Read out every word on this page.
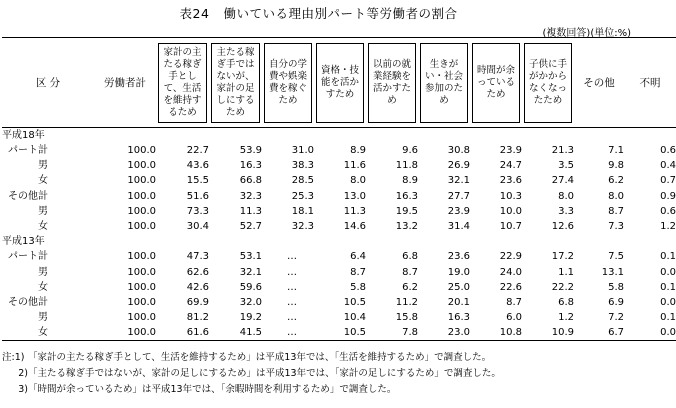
表24 働いている理由別パート等労働者の割合
(複数回答)(単位:%)
区 分	労働者計	家計の主たる稼ぎ手として、生活を維持するため	主たる稼ぎ手ではないが、家計の足しにするため	自分の学費や娯楽費を稼ぐため	資格・技能を活かすため	以前の就業経験を活かすため	生きがい・社会参加のため	時間が余っているため	子供に手がかからなくなったため	その他	不明
平成18年											
パート計	100.0	22.7	53.9	31.0	8.9	9.6	30.8	23.9	21.3	7.1	0.6
男	100.0	43.6	16.3	38.3	11.6	11.8	26.9	24.7	3.5	9.8	0.4
女	100.0	15.5	66.8	28.5	8.0	8.9	32.1	23.6	27.4	6.2	0.7
その他計	100.0	51.6	32.3	25.3	13.0	16.3	27.7	10.3	8.0	8.0	0.9
男	100.0	73.3	11.3	18.1	11.3	19.5	23.9	10.0	3.3	8.7	0.6
女	100.0	30.4	52.7	32.3	14.6	13.2	31.4	10.7	12.6	7.3	1.2
平成13年											
パート計	100.0	47.3	53.1	…	6.4	6.8	23.6	22.9	17.2	7.5	0.1
男	100.0	62.6	32.1	…	8.7	8.7	19.0	24.0	1.1	13.1	0.0
女	100.0	42.6	59.6	…	5.8	6.2	25.0	22.6	22.2	5.8	0.1
その他計	100.0	69.9	32.0	…	10.5	11.2	20.1	8.7	6.8	6.9	0.0
男	100.0	81.2	19.2	…	10.4	15.8	16.3	6.0	1.2	7.2	0.1
女	100.0	61.6	41.5	…	10.5	7.8	23.0	10.8	10.9	6.7	0.0
注:1) 「家計の主たる稼ぎ手として、生活を維持するため」は平成13年では、「生活を維持するため」で調査した。
2)「主たる稼ぎ手ではないが、家計の足しにするため」は平成13年では、「家計の足しにするため」で調査した。
3)「時間が余っているため」は平成13年では、「余暇時間を利用するため」で調査した。
